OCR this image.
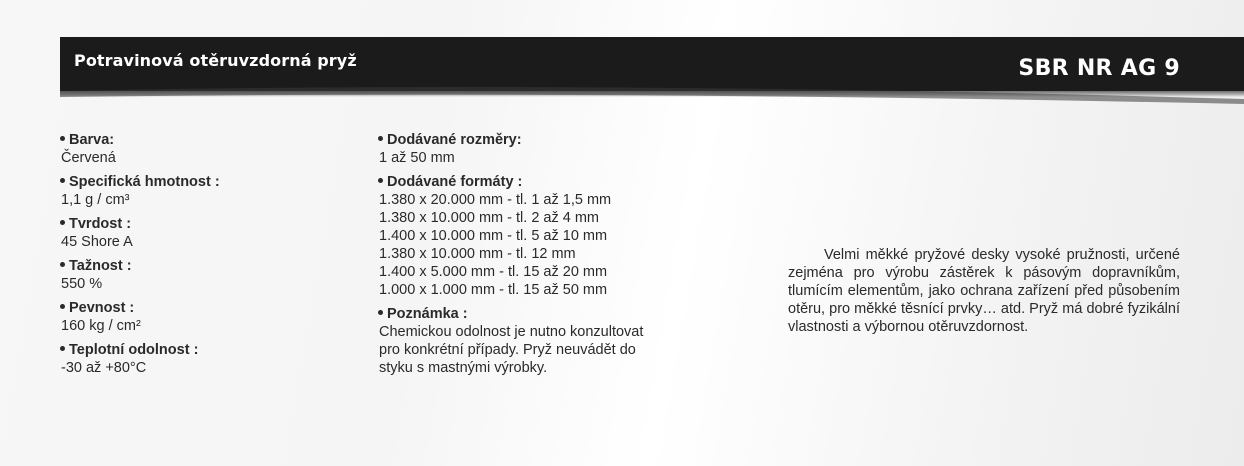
Potravinová otěruvzdorná pryž	SBR NR AG 9
Barva:
Červená
Specifická hmotnost :
1,1 g / cm³
Tvrdost :
45 Shore A
Tažnost :
550 %
Pevnost :
160 kg / cm²
Teplotní odolnost :
-30 až +80°C
Dodávané rozměry:
1 až 50 mm
Dodávané formáty :
1.380 x 20.000 mm - tl. 1 až 1,5 mm
1.380 x 10.000 mm - tl. 2 až 4 mm
1.400 x 10.000 mm - tl. 5 až 10 mm
1.380 x 10.000 mm - tl. 12 mm
1.400 x 5.000 mm - tl. 15 až 20 mm
1.000 x 1.000 mm - tl. 15 až 50 mm
Poznámka :
Chemickou odolnost je nutno konzultovat
pro konkrétní případy. Pryž neuvádět do
styku s mastnými výrobky.
Velmi měkké pryžové desky vysoké pružnosti, určené zejména pro výrobu zástěrek k pásovým dopravníkům, tlumícím elementům, jako ochrana zařízení před působením otěru, pro měkké těsnící prvky… atd. Pryž má dobré fyzikální vlastnosti a výbornou otěruvzdornost.
